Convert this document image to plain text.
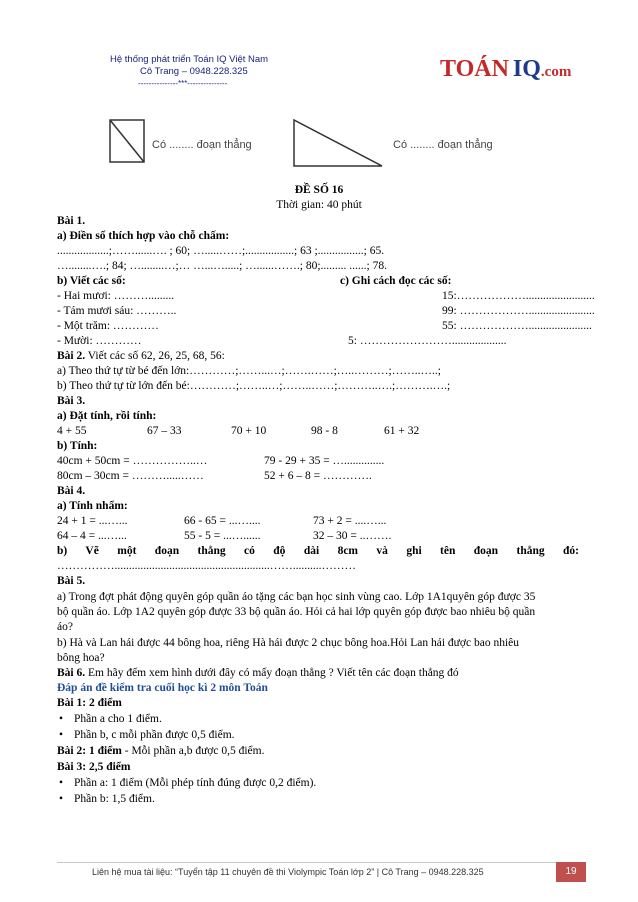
Hệ thống phát triển Toán IQ Việt Nam
Cô Trang – 0948.228.325
---------------***---------------
TOÁN IQ.com
Có ........ đoạn thẳng	Có ........ đoạn thẳng
ĐỀ SỐ 16
Thời gian: 40 phút
Bài 1.
a) Điền số thích hợp vào chỗ chấm:
..................;……......…. ; 60; ….....……;.................; 63 ;................; 65.
…........….; 84; …........…;… …...….....; …......…….; 80;......... ......; 78.
b) Viết các số:	c) Ghi cách đọc các số:
- Hai mươi: ……….........	15:………………........................
- Tám mươi sáu: ………..	99: ……………….......................
- Một trăm: …………	55: ………………......................
- Mười: …………	5: ……………………...................
Bài 2. Viết các số 62, 26, 25, 68, 56:
a) Theo thứ tự từ bé đến lớn:…………;……...…;…….……;…..………;……..…..;
b) Theo thứ tự từ lớn đến bé:…………;……..…;……..……;………..….;……….….;
Bài 3.
a) Đặt tính, rồi tính:
4 + 55	67 – 33	70 + 10	98 - 8	61 + 32
b) Tính:
40cm + 50cm = ……………..…	79 - 29 + 35 = …..............
80cm – 30cm = ……….....……	52 + 6 – 8 = ………….
Bài 4.
a) Tính nhẩm:
24 + 1 = ...…...	66 - 65 = ...…....	73 + 2 = ....…...
64 – 4 = ...…...	55 - 5 = ...…......	32 – 30 = ..…….
b) Vẽ một đoạn thẳng có độ dài 8cm và ghi tên đoạn thẳng đó:
……………......................................................……..........………
Bài 5.
a) Trong đợt phát động quyên góp quần áo tặng các bạn học sinh vùng cao. Lớp 1A1quyên góp được 35
bộ quần áo. Lớp 1A2 quyên góp được 33 bộ quần áo. Hỏi cả hai lớp quyên góp được bao nhiêu bộ quần
áo?
b) Hà và Lan hái được 44 bông hoa, riêng Hà hái được 2 chục bông hoa.Hỏi Lan hái được bao nhiêu
bông hoa?
Bài 6. Em hãy đếm xem hình dưới đây có mấy đoạn thẳng ? Viết tên các đoạn thẳng đó
Đáp án đề kiểm tra cuối học kì 2 môn Toán
Bài 1: 2 điểm
• Phần a cho 1 điểm.
• Phần b, c mỗi phần được 0,5 điểm.
Bài 2: 1 điểm - Mỗi phần a,b được 0,5 điểm.
Bài 3: 2,5 điểm
• Phần a: 1 điểm (Mỗi phép tính đúng được 0,2 điểm).
• Phần b: 1,5 điểm.
Liên hệ mua tài liệu: “Tuyển tập 11 chuyên đề thi Violympic Toán lớp 2” | Cô Trang – 0948.228.325	19
